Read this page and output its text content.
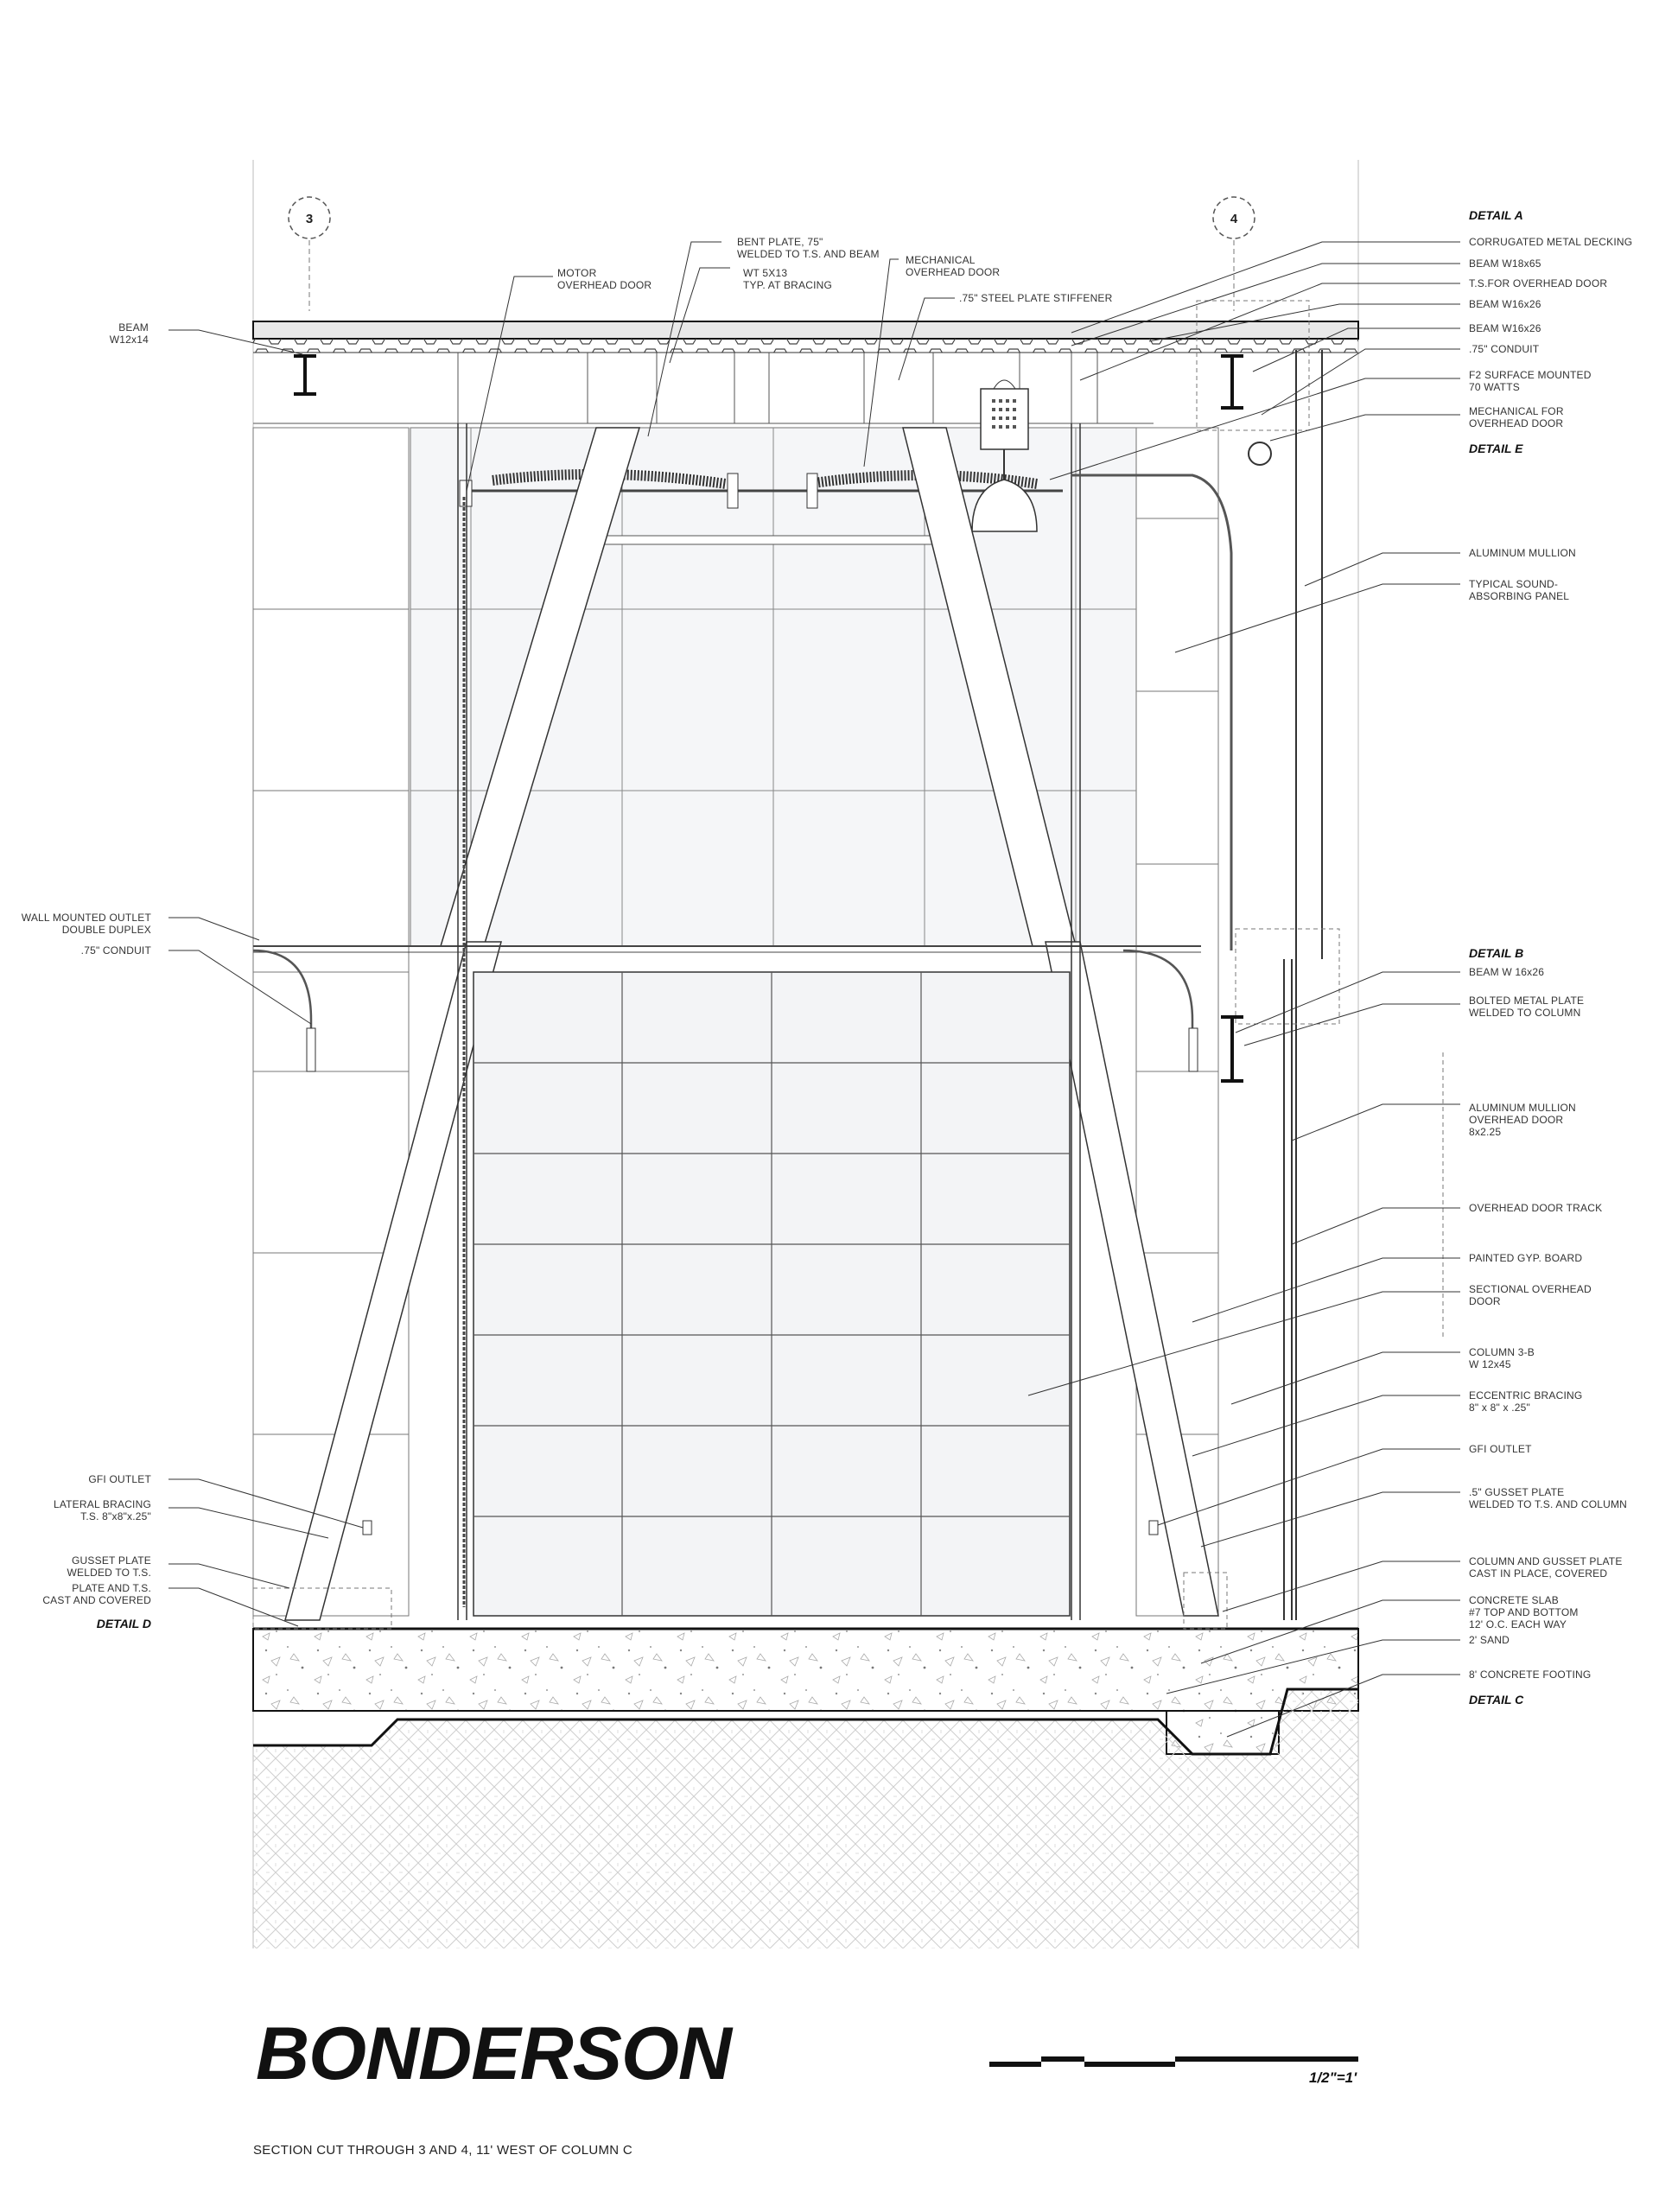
3	4	DETAIL A
CORRUGATED METAL DECKING
BEAM W18x65
T.S.FOR OVERHEAD DOOR
BEAM W16x26
BEAM W16x26
.75" CONDUIT
F2 SURFACE MOUNTED
70 WATTS
MECHANICAL FOR
OVERHEAD DOOR
DETAIL E
ALUMINUM MULLION
TYPICAL SOUND-
ABSORBING PANEL
DETAIL B
BEAM W 16x26
BOLTED METAL PLATE
WELDED TO COLUMN
ALUMINUM MULLION
OVERHEAD DOOR
8x2.25
OVERHEAD DOOR TRACK
PAINTED GYP. BOARD
SECTIONAL OVERHEAD
DOOR
COLUMN 3-B
W 12x45
ECCENTRIC BRACING
8" x 8" x .25"
GFI OUTLET
.5" GUSSET PLATE
WELDED TO T.S. AND COLUMN
COLUMN AND GUSSET PLATE
CAST IN PLACE, COVERED
CONCRETE SLAB
#7 TOP AND BOTTOM
12' O.C. EACH WAY
2' SAND
8' CONCRETE FOOTING
DETAIL C
BENT PLATE, 75"
WELDED TO T.S. AND BEAM
MOTOR
OVERHEAD DOOR
WT 5X13
TYP. AT BRACING
MECHANICAL
OVERHEAD DOOR
.75" STEEL PLATE STIFFENER
BEAM
W12x14
WALL MOUNTED OUTLET
DOUBLE DUPLEX
.75" CONDUIT
GFI OUTLET
LATERAL BRACING
T.S. 8"x8"x.25"
GUSSET PLATE
WELDED TO T.S.
PLATE AND T.S.
CAST AND COVERED
DETAIL D
BONDERSON	1/2"=1'
SECTION CUT THROUGH 3 AND 4, 11' WEST OF COLUMN C
